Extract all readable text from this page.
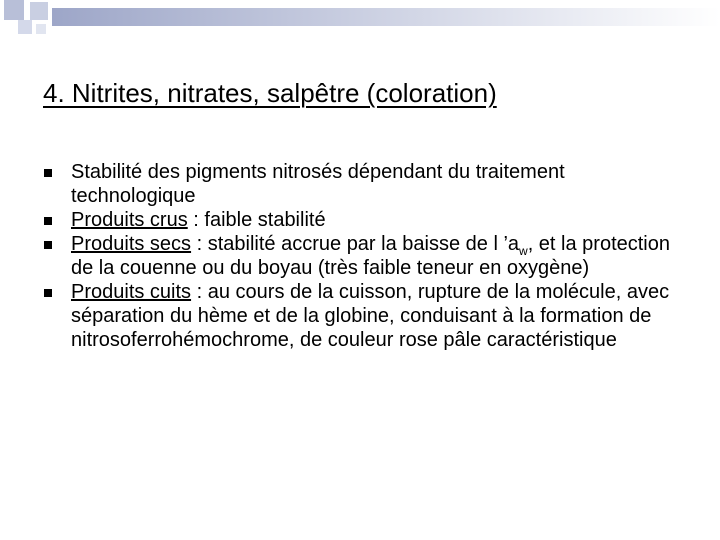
4. Nitrites, nitrates, salpêtre (coloration)
Stabilité des pigments nitrosés dépendant du traitement technologique
Produits crus : faible stabilité
Produits secs : stabilité accrue par la baisse de l $’a_w$, et la protection de la couenne ou du boyau (très faible teneur en oxygène)
Produits cuits : au cours de la cuisson, rupture de la molécule, avec séparation du hème et de la globine, conduisant à la formation de nitrosoferrohémochrome, de couleur rose pâle caractéristique
